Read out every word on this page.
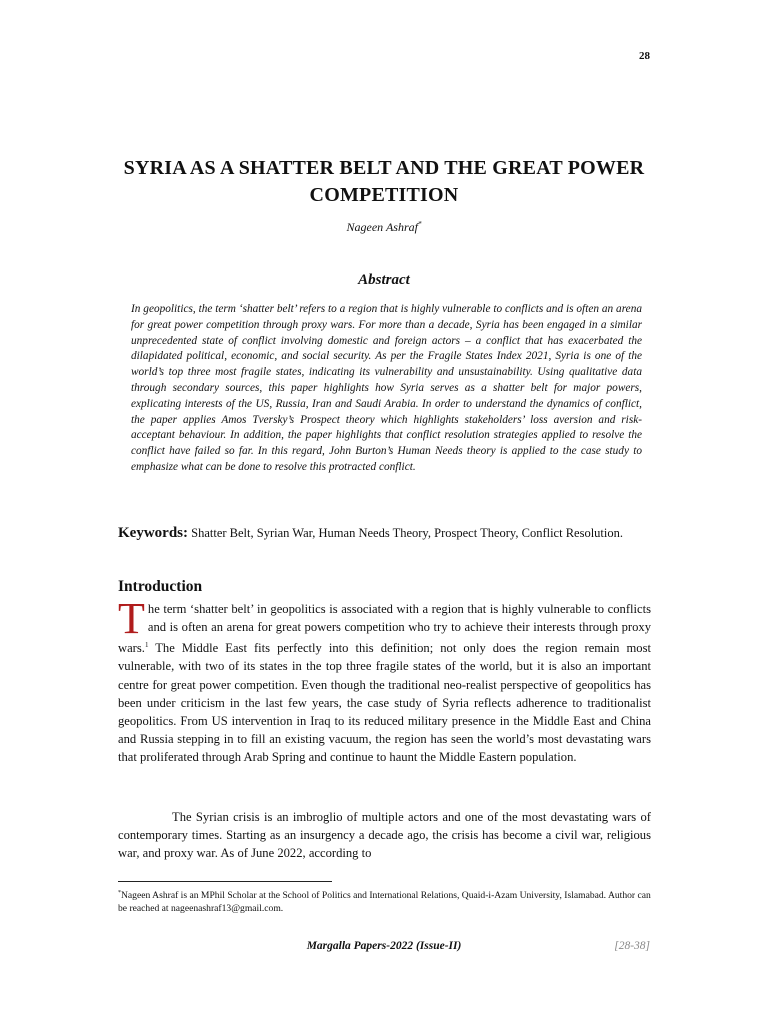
28
SYRIA AS A SHATTER BELT AND THE GREAT POWER COMPETITION
Nageen Ashraf*
Abstract

In geopolitics, the term ‘shatter belt’ refers to a region that is highly vulnerable to conflicts and is often an arena for great power competition through proxy wars. For more than a decade, Syria has been engaged in a similar unprecedented state of conflict involving domestic and foreign actors – a conflict that has exacerbated the dilapidated political, economic, and social security. As per the Fragile States Index 2021, Syria is one of the world’s top three most fragile states, indicating its vulnerability and unsustainability. Using qualitative data through secondary sources, this paper highlights how Syria serves as a shatter belt for major powers, explicating interests of the US, Russia, Iran and Saudi Arabia. In order to understand the dynamics of conflict, the paper applies Amos Tversky’s Prospect theory which highlights stakeholders’ loss aversion and risk-acceptant behaviour. In addition, the paper highlights that conflict resolution strategies applied to resolve the conflict have failed so far. In this regard, John Burton’s Human Needs theory is applied to the case study to emphasize what can be done to resolve this protracted conflict.

Keywords: Shatter Belt, Syrian War, Human Needs Theory, Prospect Theory, Conflict Resolution.

Introduction

The term ‘shatter belt’ in geopolitics is associated with a region that is highly vulnerable to conflicts and is often an arena for great powers competition who try to achieve their interests through proxy wars.$^1$ The Middle East fits perfectly into this definition; not only does the region remain most vulnerable, with two of its states in the top three fragile states of the world, but it is also an important centre for great power competition. Even though the traditional neo-realist perspective of geopolitics has been under criticism in the last few years, the case study of Syria reflects adherence to traditionalist geopolitics. From US intervention in Iraq to its reduced military presence in the Middle East and China and Russia stepping in to fill an existing vacuum, the region has seen the world’s most devastating wars that proliferated through Arab Spring and continue to haunt the Middle Eastern population.

The Syrian crisis is an imbroglio of multiple actors and one of the most devastating wars of contemporary times. Starting as an insurgency a decade ago, the crisis has become a civil war, religious war, and proxy war. As of June 2022, according to

*Nageen Ashraf is an MPhil Scholar at the School of Politics and International Relations, Quaid-i-Azam University, Islamabad. Author can be reached at nageenashraf13@gmail.com.

Margalla Papers-2022 (Issue-II)	[28-38]
